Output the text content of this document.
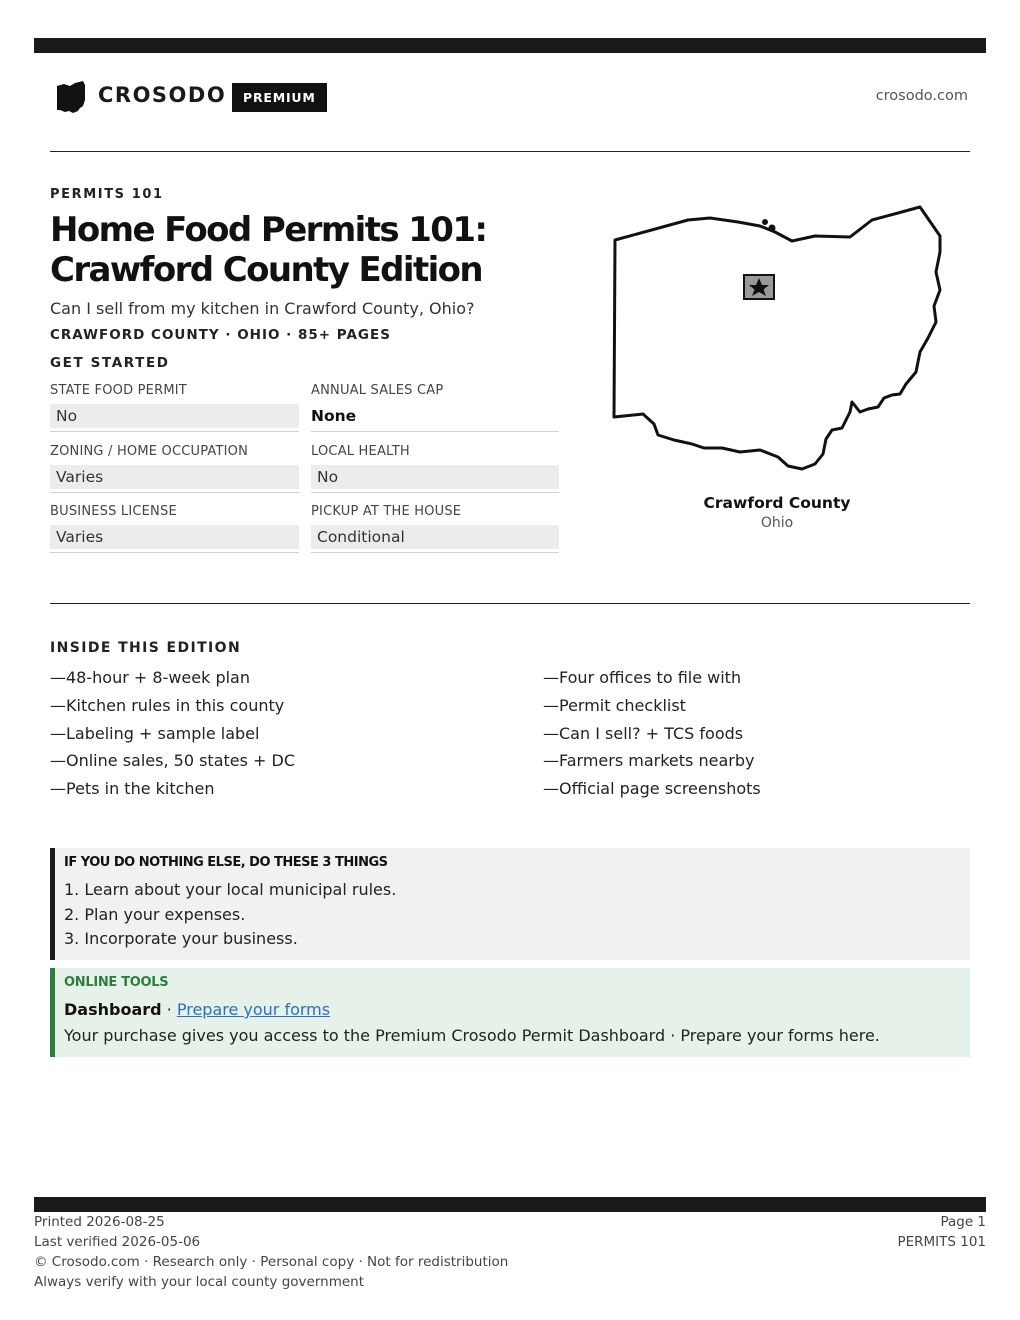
CROSODO	PREMIUM	crosodo.com
PERMITS 101
Home Food Permits 101:
Crawford County Edition
Can I sell from my kitchen in Crawford County, Ohio?
CRAWFORD COUNTY · OHIO · 85+ PAGES
GET STARTED
STATE FOOD PERMIT
No
ANNUAL SALES CAP
None
ZONING / HOME OCCUPATION
Varies
LOCAL HEALTH
No
BUSINESS LICENSE
Varies
PICKUP AT THE HOUSE
Conditional
Crawford County
Ohio
INSIDE THIS EDITION
—48-hour + 8-week plan
—Kitchen rules in this county
—Labeling + sample label
—Online sales, 50 states + DC
—Pets in the kitchen
—Four offices to file with
—Permit checklist
—Can I sell? + TCS foods
—Farmers markets nearby
—Official page screenshots
IF YOU DO NOTHING ELSE, DO THESE 3 THINGS
1. Learn about your local municipal rules.
2. Plan your expenses.
3. Incorporate your business.
ONLINE TOOLS
Dashboard · Prepare your forms
Your purchase gives you access to the Premium Crosodo Permit Dashboard · Prepare your forms here.
Printed 2026-08-25
Last verified 2026-05-06
© Crosodo.com · Research only · Personal copy · Not for redistribution
Always verify with your local county government
Page 1
PERMITS 101
